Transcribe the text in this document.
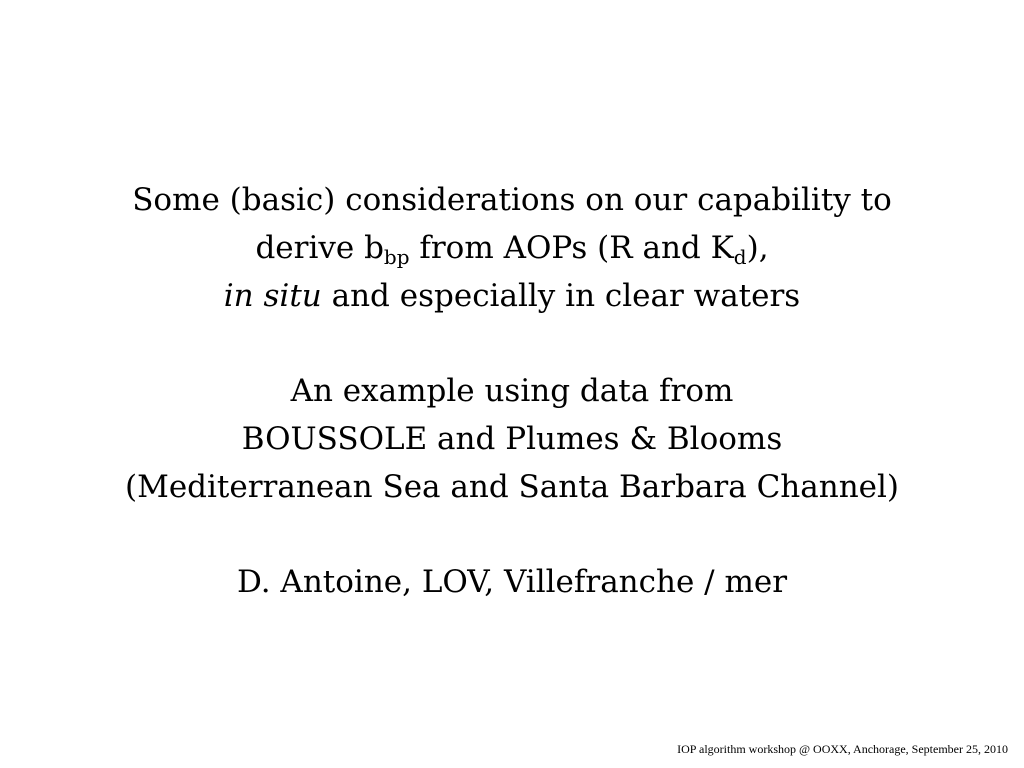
Some (basic) considerations on our capability to
derive $b_{bp}$ from AOPs (R and $K_d$),
in situ and especially in clear waters
An example using data from
BOUSSOLE and Plumes & Blooms
(Mediterranean Sea and Santa Barbara Channel)
D. Antoine, LOV, Villefranche / mer
IOP algorithm workshop @ OOXX, Anchorage, September 25, 2010
